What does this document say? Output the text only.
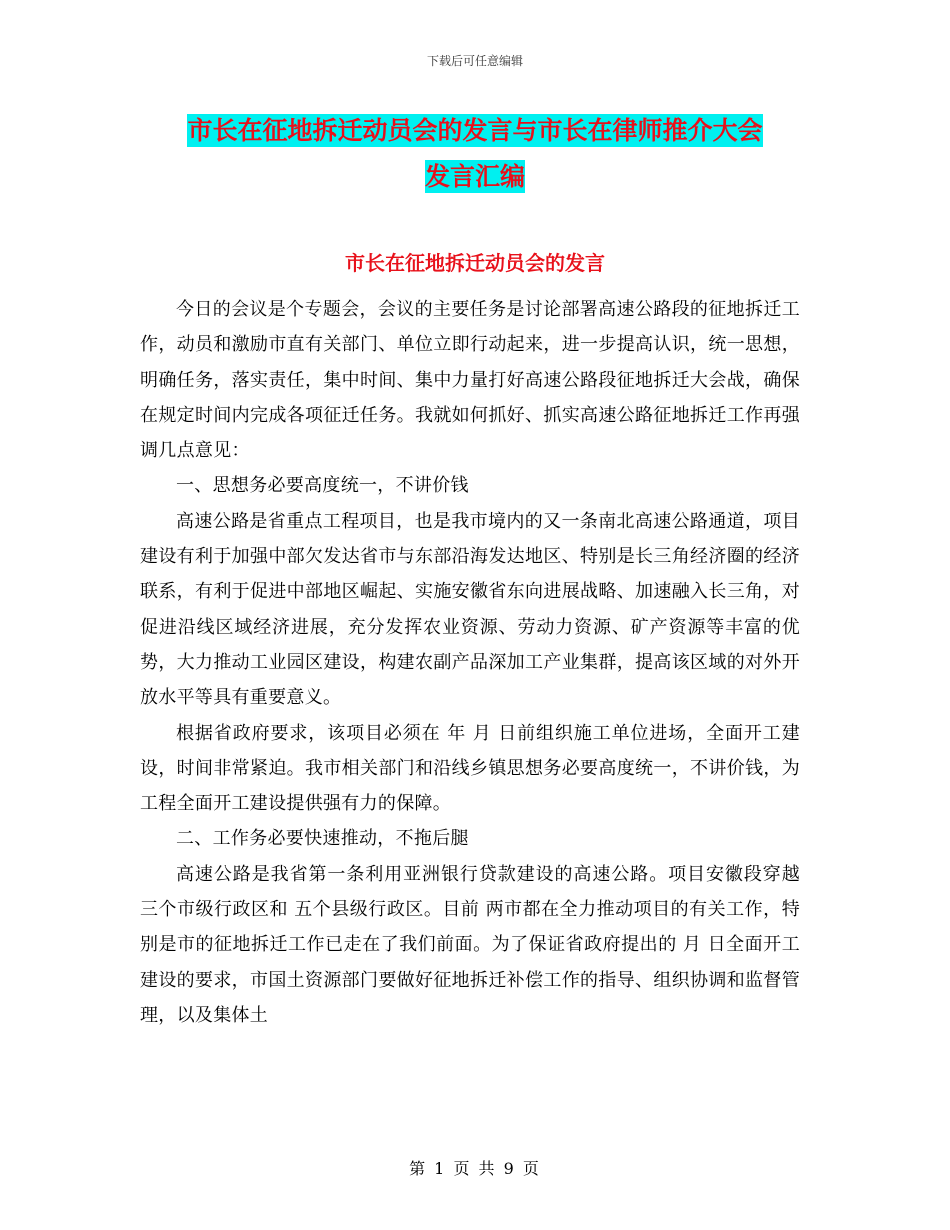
下载后可任意编辑
市长在征地拆迁动员会的发言与市长在律师推介大会
发言汇编
市长在征地拆迁动员会的发言

今日的会议是个专题会，会议的主要任务是讨论部署高速公路段的征地拆迁工作，动员和激励市直有关部门、单位立即行动起来，进一步提高认识，统一思想，明确任务，落实责任，集中时间、集中力量打好高速公路段征地拆迁大会战，确保在规定时间内完成各项征迁任务。我就如何抓好、抓实高速公路征地拆迁工作再强调几点意见：

一、思想务必要高度统一，不讲价钱

高速公路是省重点工程项目，也是我市境内的又一条南北高速公路通道，项目建设有利于加强中部欠发达省市与东部沿海发达地区、特别是长三角经济圈的经济联系，有利于促进中部地区崛起、实施安徽省东向进展战略、加速融入长三角，对促进沿线区域经济进展，充分发挥农业资源、劳动力资源、矿产资源等丰富的优势，大力推动工业园区建设，构建农副产品深加工产业集群，提高该区域的对外开放水平等具有重要意义。

根据省政府要求，该项目必须在 年 月 日前组织施工单位进场，全面开工建设，时间非常紧迫。我市相关部门和沿线乡镇思想务必要高度统一，不讲价钱，为工程全面开工建设提供强有力的保障。

二、工作务必要快速推动，不拖后腿

高速公路是我省第一条利用亚洲银行贷款建设的高速公路。项目安徽段穿越 三个市级行政区和 五个县级行政区。目前 两市都在全力推动项目的有关工作，特别是市的征地拆迁工作已走在了我们前面。为了保证省政府提出的 月 日全面开工建设的要求，市国土资源部门要做好征地拆迁补偿工作的指导、组织协调和监督管理，以及集体土

第 1 页 共 9 页
